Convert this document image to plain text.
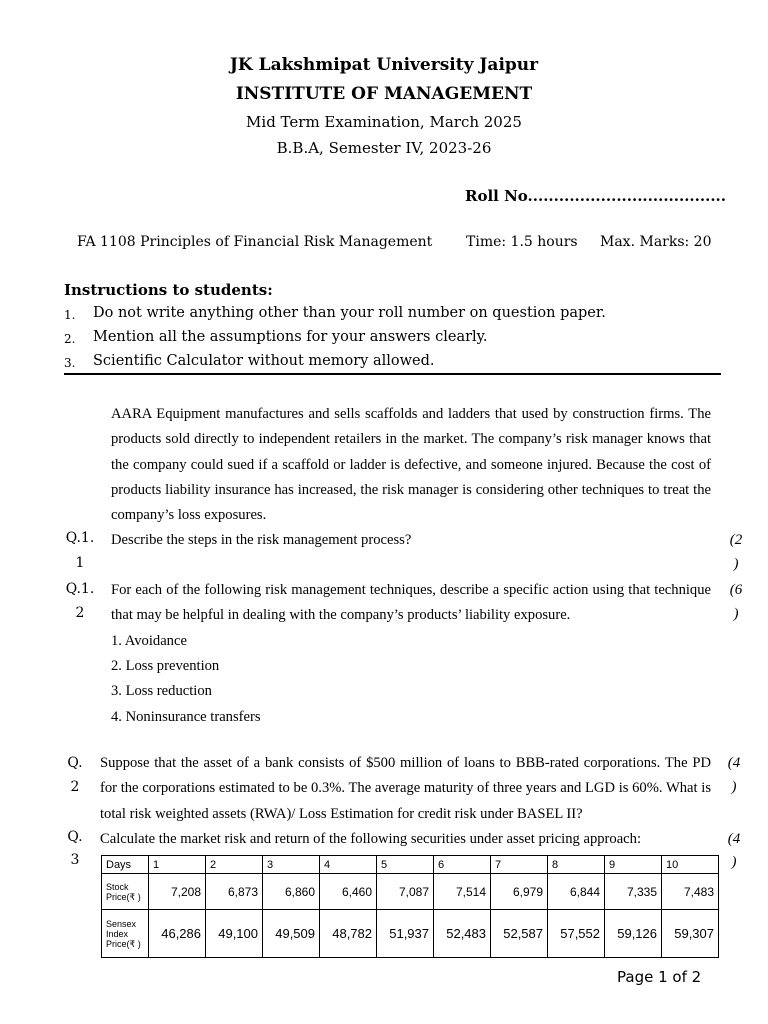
JK Lakshmipat University Jaipur
INSTITUTE OF MANAGEMENT
Mid Term Examination, March 2025
B.B.A, Semester IV, 2023-26
Roll No......................................
FA 1108 Principles of Financial Risk Management Time: 1.5 hours Max. Marks: 20
Instructions to students:
1. Do not write anything other than your roll number on question paper.
2. Mention all the assumptions for your answers clearly.
3. Scientific Calculator without memory allowed.
AARA Equipment manufactures and sells scaffolds and ladders that used by construction firms. The products sold directly to independent retailers in the market. The company’s risk manager knows that the company could sued if a scaffold or ladder is defective, and someone injured. Because the cost of products liability insurance has increased, the risk manager is considering other techniques to treat the company’s loss exposures.
Q.1.
1
Describe the steps in the risk management process?	(2
)
Q.1.
2
For each of the following risk management techniques, describe a specific action using that technique that may be helpful in dealing with the company’s products’ liability exposure.
(6
)
1. Avoidance
2. Loss prevention
3. Loss reduction
4. Noninsurance transfers
Q.
2
Suppose that the asset of a bank consists of $500 million of loans to BBB-rated corporations. The PD for the corporations estimated to be 0.3%. The average maturity of three years and LGD is 60%. What is total risk weighted assets (RWA)/ Loss Estimation for credit risk under BASEL II?
(4
)
Q.
3
Calculate the market risk and return of the following securities under asset pricing approach:	(4
)
Days	1	2	3	4	5	6	7	8	9	10
Stock Price(₹ )	7,208	6,873	6,860	6,460	7,087	7,514	6,979	6,844	7,335	7,483
Sensex Index Price(₹ )	46,286	49,100	49,509	48,782	51,937	52,483	52,587	57,552	59,126	59,307
Page 1 of 2
